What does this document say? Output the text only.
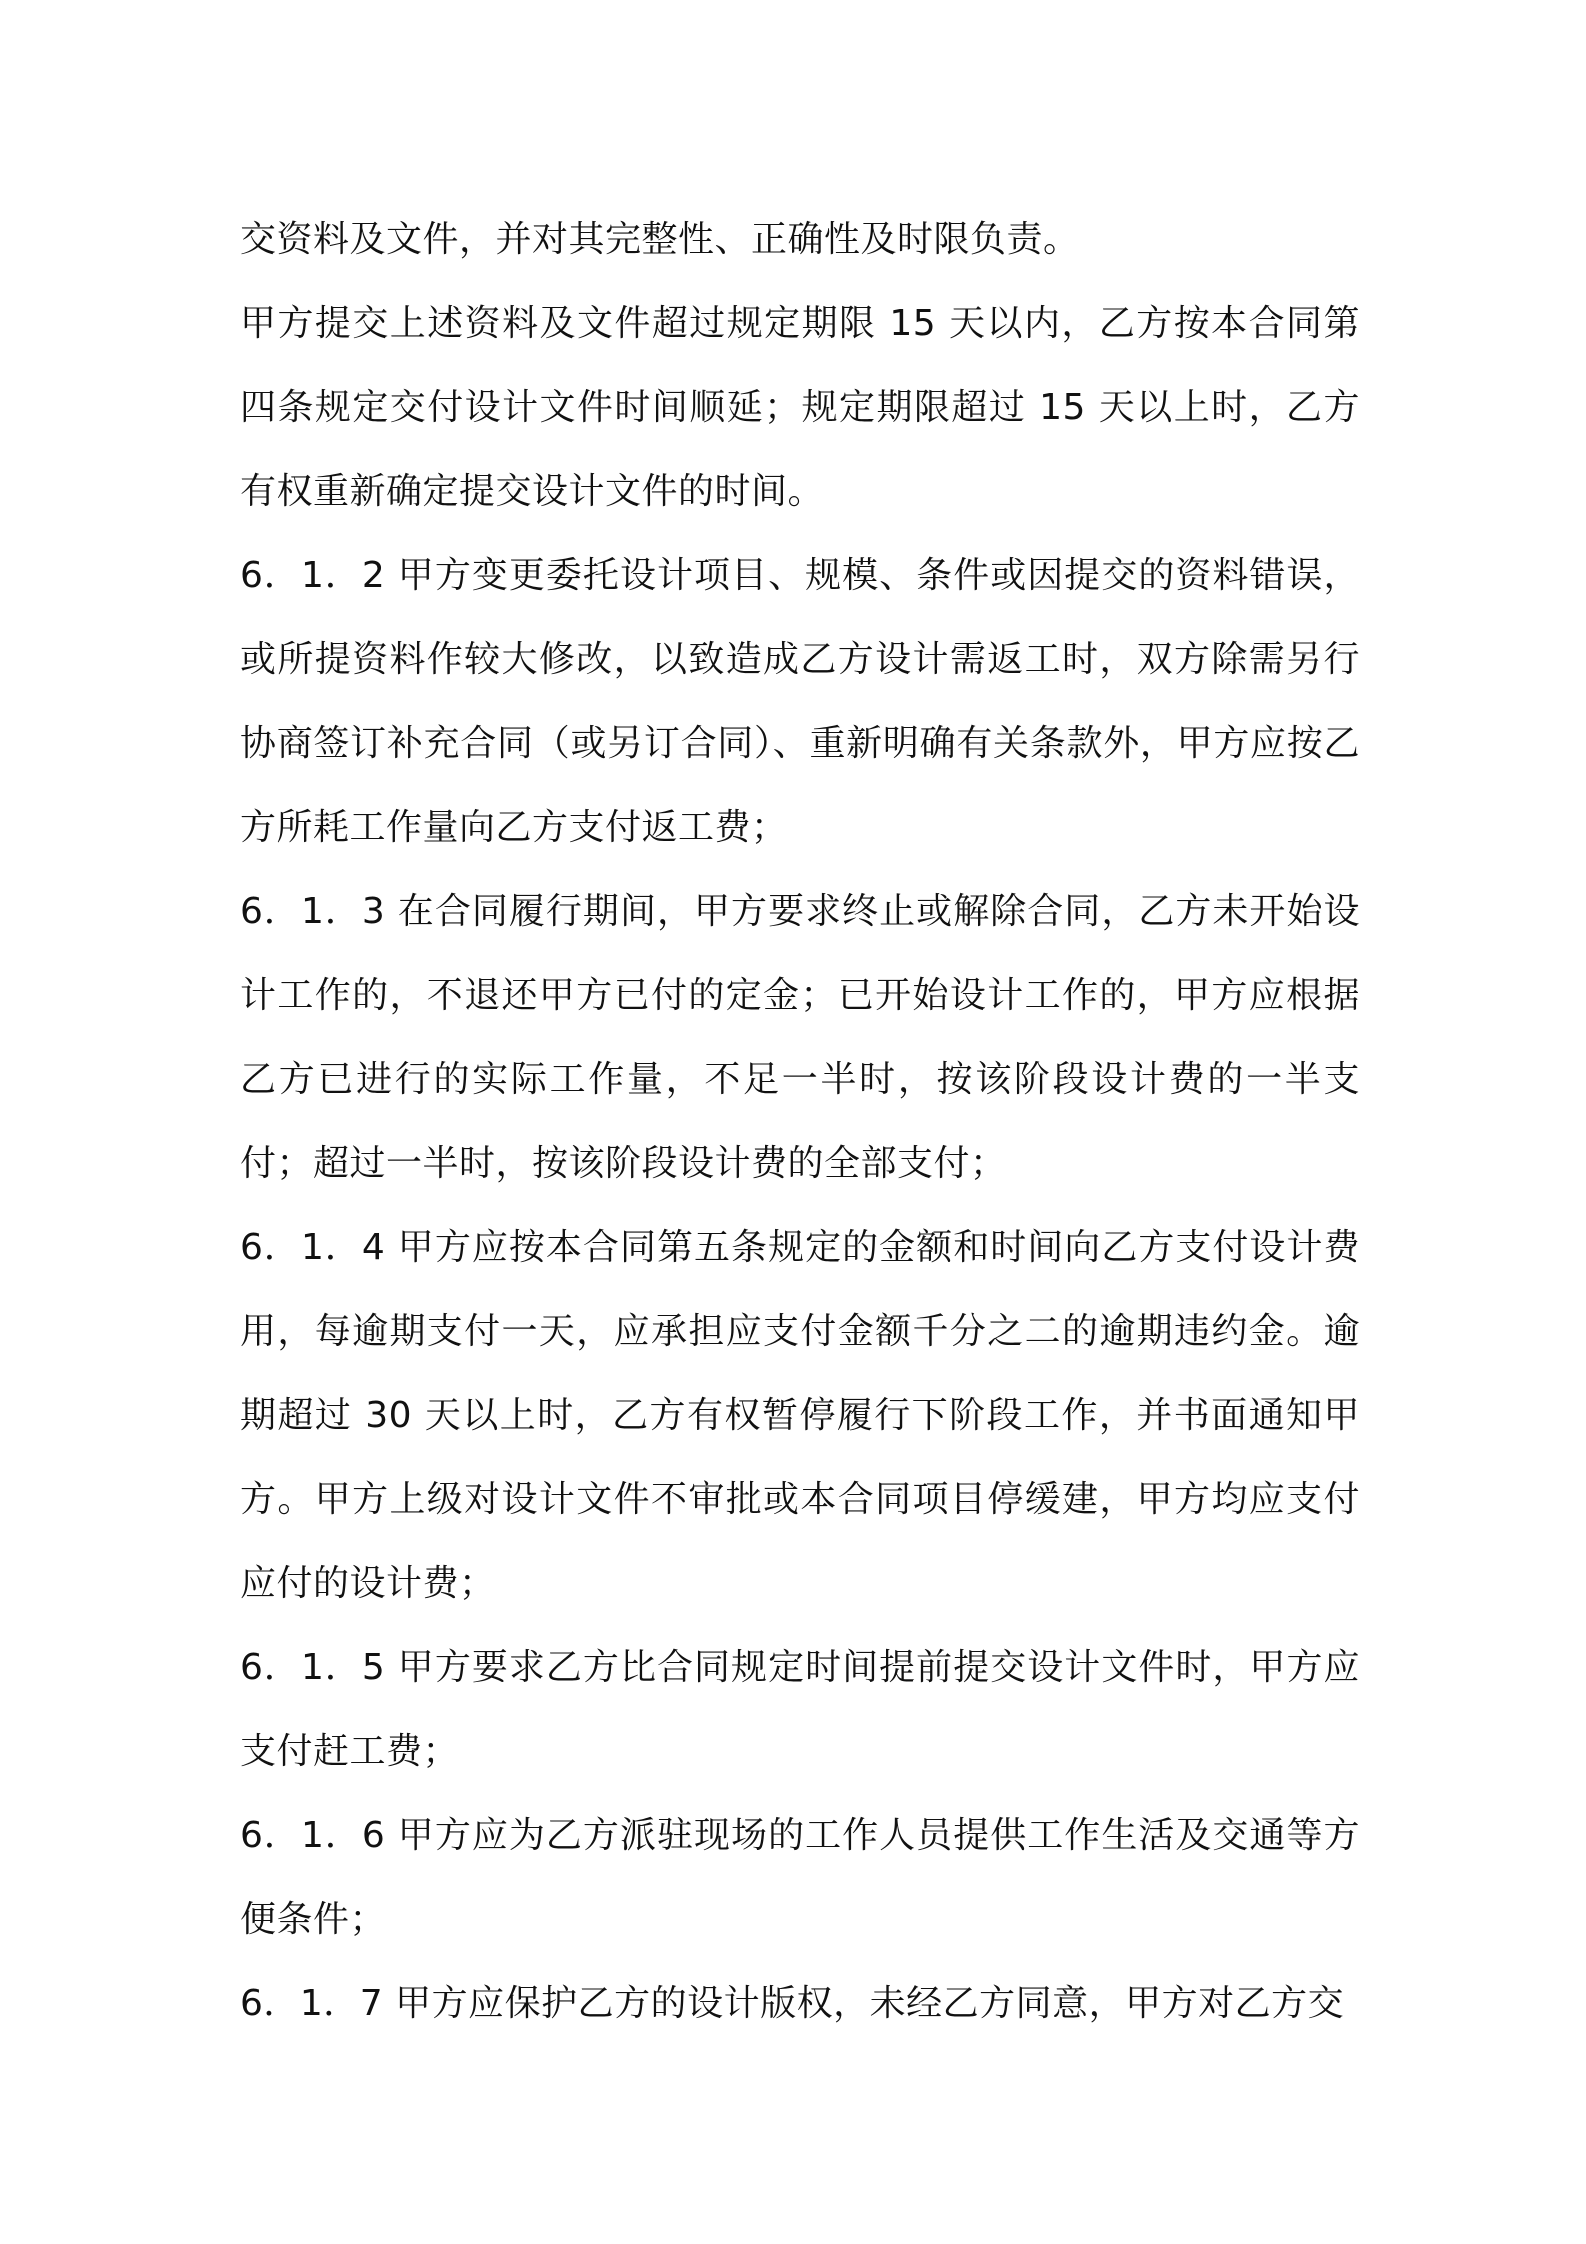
交资料及文件，并对其完整性、正确性及时限负责。

甲方提交上述资料及文件超过规定期限 15 天以内，乙方按本合同第四条规定交付设计文件时间顺延；规定期限超过 15 天以上时，乙方有权重新确定提交设计文件的时间。

6．1．2 甲方变更委托设计项目、规模、条件或因提交的资料错误，或所提资料作较大修改，以致造成乙方设计需返工时，双方除需另行协商签订补充合同（或另订合同）、重新明确有关条款外，甲方应按乙方所耗工作量向乙方支付返工费；

6．1．3 在合同履行期间，甲方要求终止或解除合同，乙方未开始设计工作的，不退还甲方已付的定金；已开始设计工作的，甲方应根据乙方已进行的实际工作量，不足一半时，按该阶段设计费的一半支付；超过一半时，按该阶段设计费的全部支付；

6．1．4 甲方应按本合同第五条规定的金额和时间向乙方支付设计费用，每逾期支付一天，应承担应支付金额千分之二的逾期违约金。逾期超过 30 天以上时，乙方有权暂停履行下阶段工作，并书面通知甲方。甲方上级对设计文件不审批或本合同项目停缓建，甲方均应支付应付的设计费；

6．1．5 甲方要求乙方比合同规定时间提前提交设计文件时，甲方应支付赶工费；

6．1．6 甲方应为乙方派驻现场的工作人员提供工作生活及交通等方便条件；

6．1．7 甲方应保护乙方的设计版权，未经乙方同意，甲方对乙方交
